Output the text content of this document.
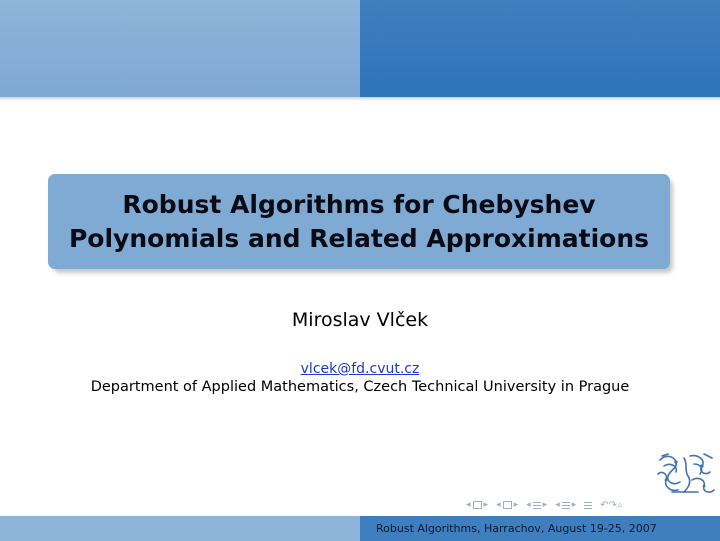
Robust Algorithms for Chebyshev
Polynomials and Related Approximations
Miroslav Vlček
vlcek@fd.cvut.cz
Department of Applied Mathematics, Czech Technical University in Prague
◂ ▸ ◂ ▸ ◂ ▸ ◂ ▸ ↶↷⌕
Robust Algorithms, Harrachov, August 19-25, 2007
